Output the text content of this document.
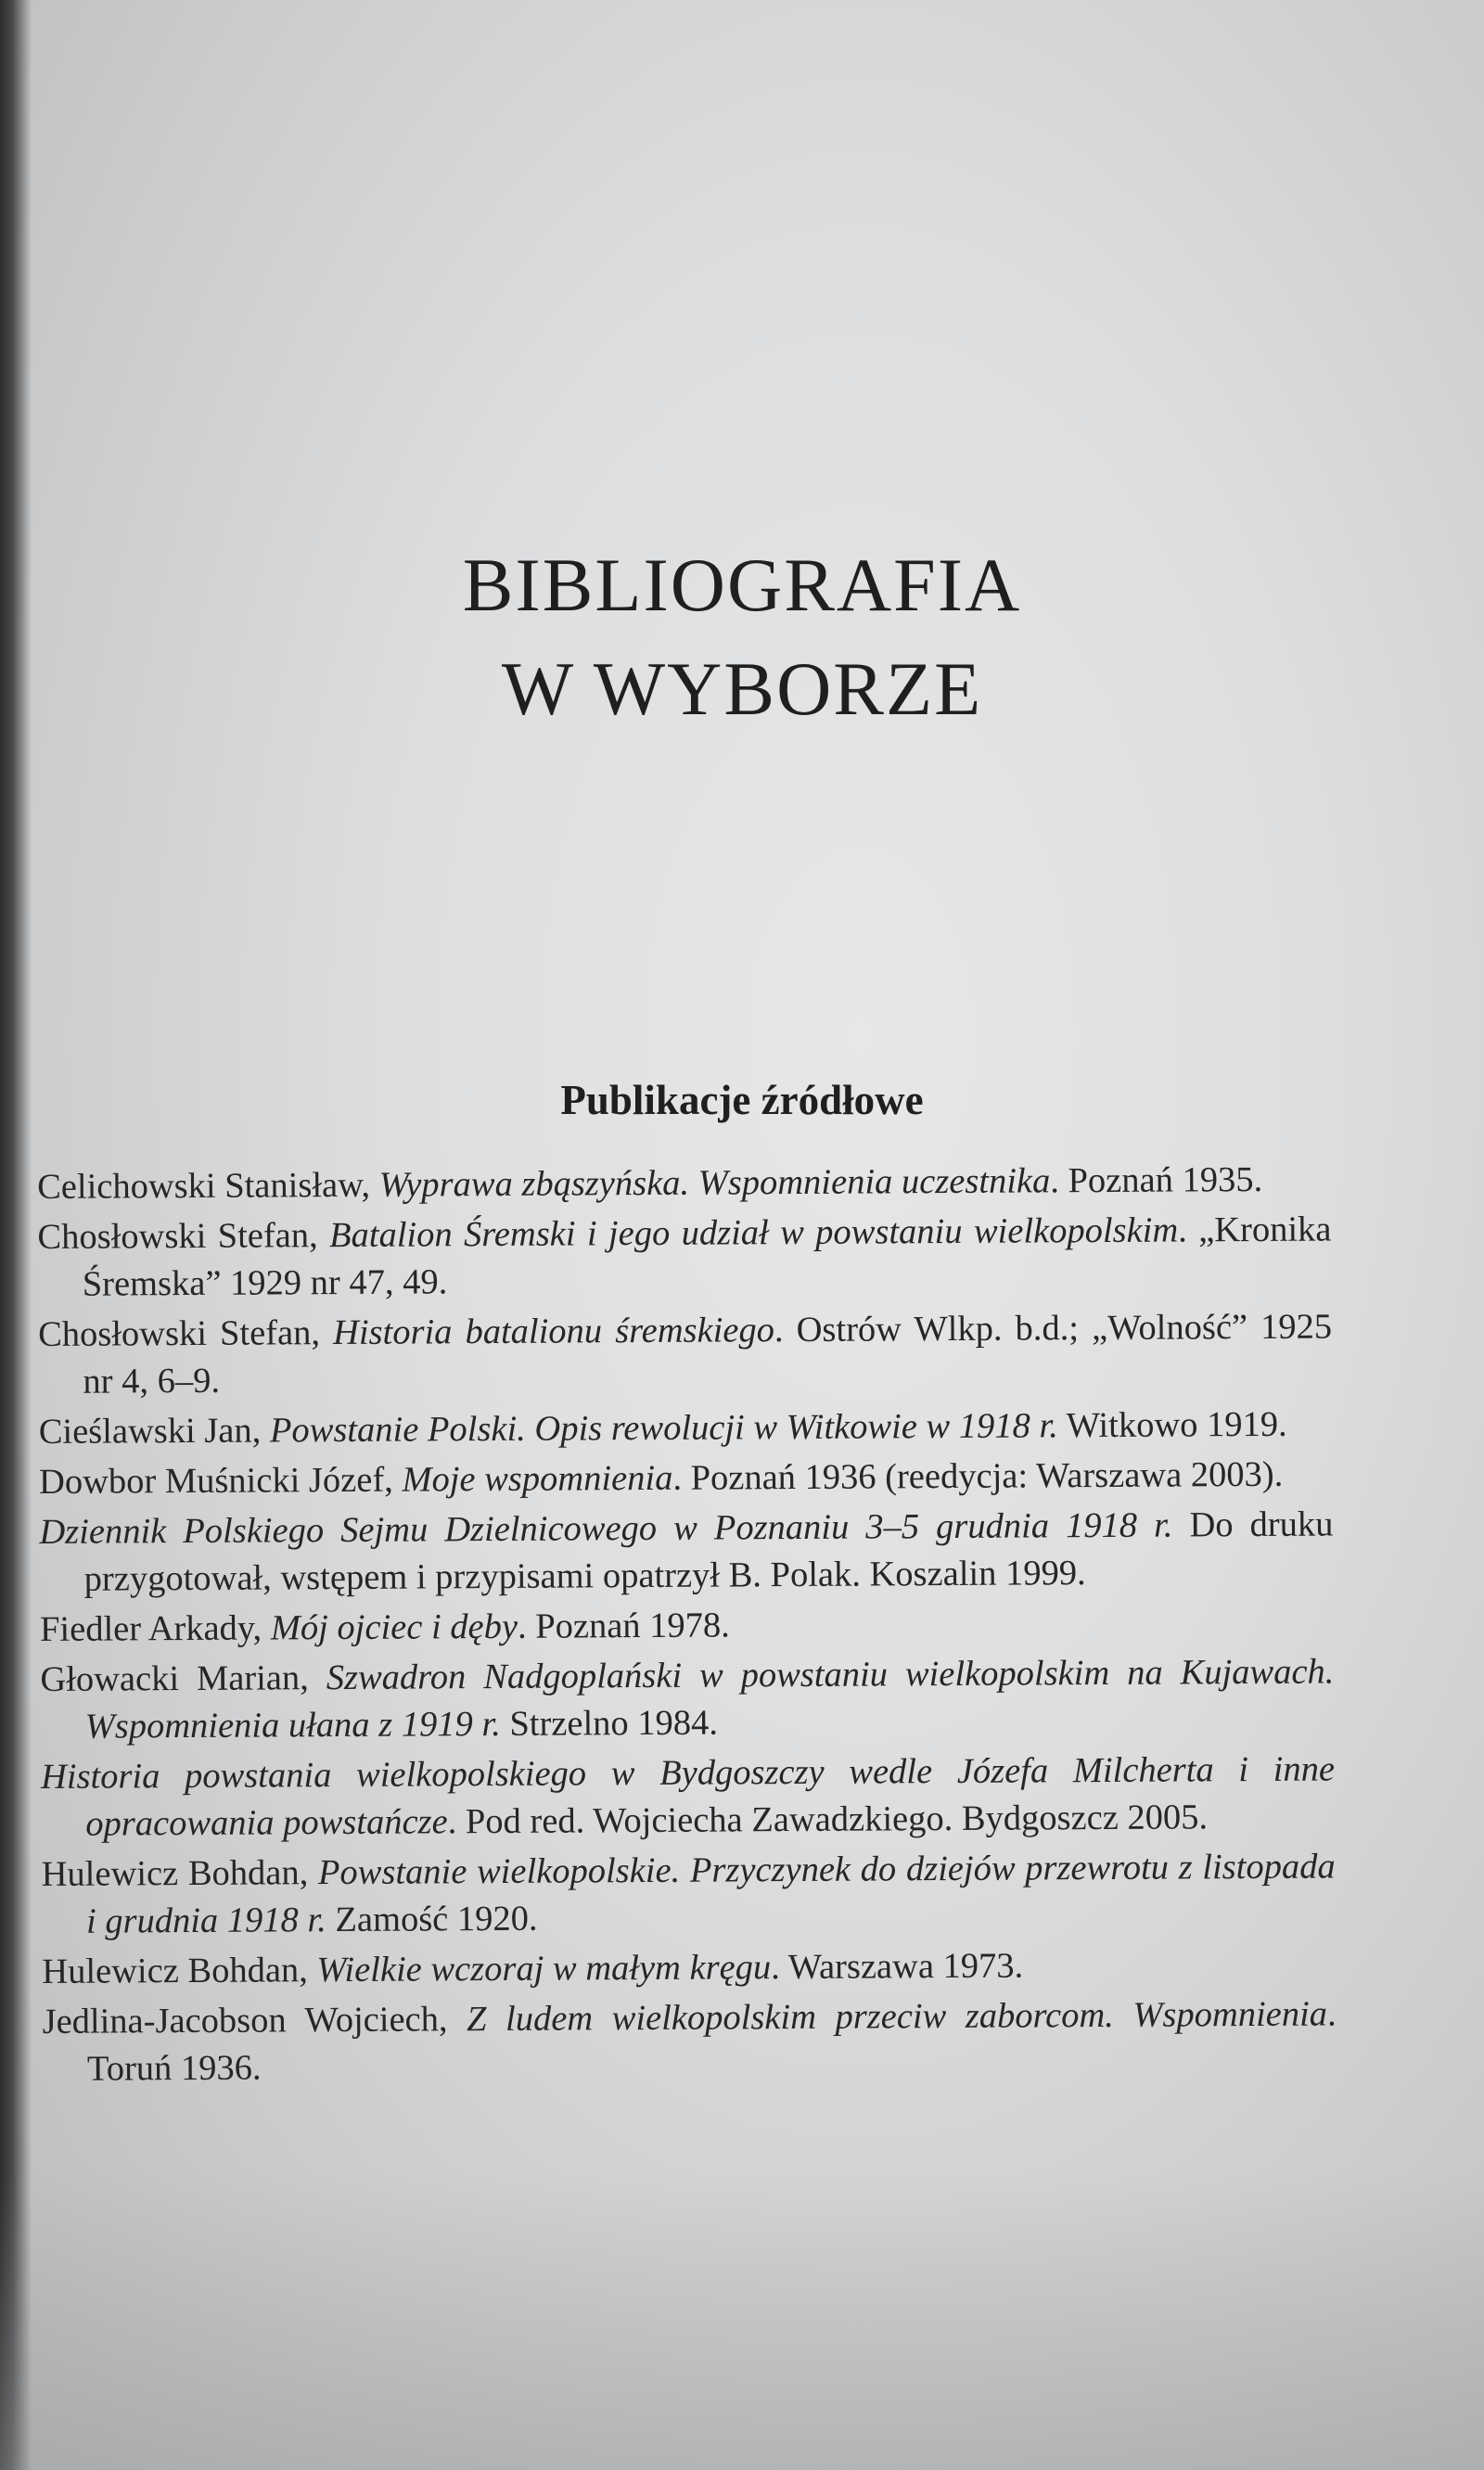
BIBLIOGRAFIA
W WYBORZE
Publikacje źródłowe
Celichowski Stanisław, Wyprawa zbąszyńska. Wspomnienia uczestnika. Poznań 1935.
Chosłowski Stefan, Batalion Śremski i jego udział w powstaniu wielkopolskim. „Kronika Śremska” 1929 nr 47, 49.
Chosłowski Stefan, Historia batalionu śremskiego. Ostrów Wlkp. b.d.; „Wolność” 1925 nr 4, 6–9.
Cieślawski Jan, Powstanie Polski. Opis rewolucji w Witkowie w 1918 r. Witkowo 1919.
Dowbor Muśnicki Józef, Moje wspomnienia. Poznań 1936 (reedycja: Warszawa 2003).
Dziennik Polskiego Sejmu Dzielnicowego w Poznaniu 3–5 grudnia 1918 r. Do druku przygotował, wstępem i przypisami opatrzył B. Polak. Koszalin 1999.
Fiedler Arkady, Mój ojciec i dęby. Poznań 1978.
Głowacki Marian, Szwadron Nadgoplański w powstaniu wielkopolskim na Kujawach. Wspomnienia ułana z 1919 r. Strzelno 1984.
Historia powstania wielkopolskiego w Bydgoszczy wedle Józefa Milcherta i inne opracowania powstańcze. Pod red. Wojciecha Zawadzkiego. Bydgoszcz 2005.
Hulewicz Bohdan, Powstanie wielkopolskie. Przyczynek do dziejów przewrotu z listopada i grudnia 1918 r. Zamość 1920.
Hulewicz Bohdan, Wielkie wczoraj w małym kręgu. Warszawa 1973.
Jedlina-Jacobson Wojciech, Z ludem wielkopolskim przeciw zaborcom. Wspomnienia. Toruń 1936.
